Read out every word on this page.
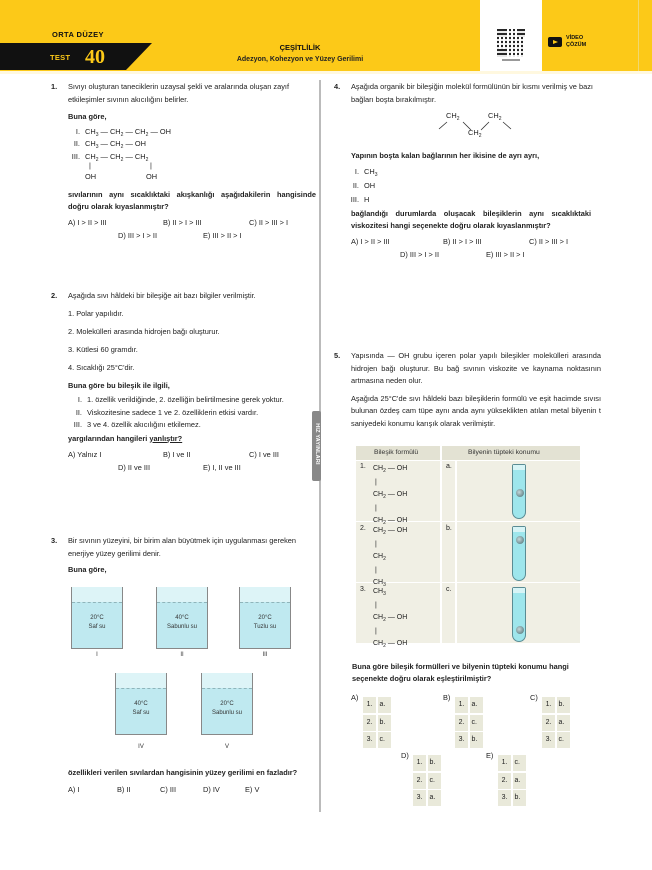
ORTA DÜZEY
TEST 40	ÇEŞİTLİLİK
Adezyon, Kohezyon ve Yüzey Gerilimi
VİDEO
ÇÖZÜM
HIZ YAYINLARI
1. Sıvıyı oluşturan taneciklerin uzaysal şekli ve aralarında oluşan zayıf etkileşimler sıvının akıcılığını belirler.
Buna göre,
I. $CH_3$ — $CH_2$ — $CH_2$ — OH
II. $CH_3$ — $CH_2$ — OH
III. $CH_2$ — $CH_2$ — $CH_2$
|	|
OH	OH
sıvılarının aynı sıcaklıktaki akışkanlığı aşağıdakilerin hangisinde doğru olarak kıyaslanmıştır?
A) I > II > III	B) II > I > III	C) II > III > I
D) III > I > II	E) III > II > I
2. Aşağıda sıvı hâldeki bir bileşiğe ait bazı bilgiler verilmiştir.
1. Polar yapılıdır.
2. Molekülleri arasında hidrojen bağı oluşturur.
3. Kütlesi 60 gramdır.
4. Sıcaklığı 25°C'dir.
Buna göre bu bileşik ile ilgili,
I. 1. özellik verildiğinde, 2. özelliğin belirtilmesine gerek yoktur.
II. Viskozitesine sadece 1 ve 2. özelliklerin etkisi vardır.
III. 3 ve 4. özellik akıcılığını etkilemez.
yargılarından hangileri yanlıştır?
A) Yalnız I	B) I ve II	C) I ve III
D) II ve III	E) I, II ve III
3. Bir sıvının yüzeyini, bir birim alan büyütmek için uygulanması gereken enerjiye yüzey gerilimi denir.
Buna göre,
20°C
Saf su
I
40°C
Sabunlu su
II
20°C
Tuzlu su
III
40°C
Saf su
IV
20°C
Sabunlu su
V
özellikleri verilen sıvılardan hangisinin yüzey gerilimi en fazladır?
A) I	B) II	C) III	D) IV	E) V
4. Aşağıda organik bir bileşiğin molekül formülünün bir kısmı verilmiş ve bazı bağları boşta bırakılmıştır.
$CH_2$	$CH_2$
$CH_2$
Yapının boşta kalan bağlarının her ikisine de ayrı ayrı,
I. $CH_3$
II. OH
III. H
bağlandığı durumlarda oluşacak bileşiklerin aynı sıcaklıktaki viskozitesi hangi seçenekte doğru olarak kıyaslanmıştır?
A) I > II > III	B) II > I > III	C) II > III > I
D) III > I > II	E) III > II > I
5. Yapısında — OH grubu içeren polar yapılı bileşikler molekülleri arasında hidrojen bağı oluşturur. Bu bağ sıvının viskozite ve kaynama noktasının artmasına neden olur.
Aşağıda 25°C'de sıvı hâldeki bazı bileşiklerin formülü ve eşit hacimde sıvısı bulunan özdeş cam tüpe aynı anda aynı yükseklikten atılan metal bilyenin t saniyedeki konumu karışık olarak verilmiştir.
Bileşik formülü	Bilyenin tüpteki konumu
1. $CH_2$ — OH
|
$CH_2$ — OH
|
$CH_2$ — OH
a.
2. $CH_2$ — OH
|
$CH_2$
|
$CH_3$
b.
3. $CH_3$
|
$CH_2$ — OH
|
$CH_2$ — OH
c.
Buna göre bileşik formülleri ve bilyenin tüpteki konumu hangi seçenekte doğru olarak eşleştirilmiştir?
A)
1.	a.
2.	b.
3.	c.
B)
1.	a.
2.	c.
3.	b.
C)
1.	b.
2.	a.
3.	c.
D)
1.	b.
2.	c.
3.	a.
E)
1.	c.
2.	a.
3.	b.
